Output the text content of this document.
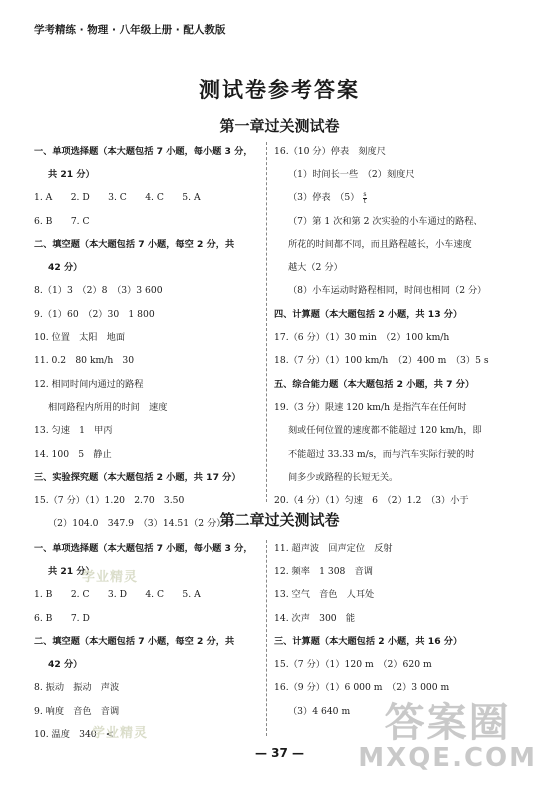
学考精练 · 物理 · 八年级上册 · 配人教版
测试卷参考答案
第一章过关测试卷
一、单项选择题（本大题包括 7 小题，每小题 3 分，
共 21 分）
1. A　　2. D　　3. C　　4. C　　5. A
6. B　　7. C
二、填空题（本大题包括 7 小题，每空 2 分，共
42 分）
8.（1）3　（2）8　（3）3 600
9.（1）60　（2）30　1 800
10. 位置　太阳　地面
11. 0.2　80 km/h　30
12. 相同时间内通过的路程
相同路程内所用的时间　速度
13. 匀速　1　甲丙
14. 100　5　静止
三、实验探究题（本大题包括 2 小题，共 17 分）
15.（7 分）（1）1.20　2.70　3.50
（2）104.0　347.9　（3）14.51（2 分）
16.（10 分）停表　刻度尺
（1）时间长一些　（2）刻度尺
（3）停表　$(5) \frac{s}{t}$
（7）第 1 次和第 2 次实验的小车通过的路程、
所花的时间都不同，而且路程越长，小车速度
越大（2 分）
（8）小车运动时路程相同，时间也相同（2 分）
四、计算题（本大题包括 2 小题，共 13 分）
17.（6 分）（1）30 min　（2）100 km/h
18.（7 分）（1）100 km/h　（2）400 m　（3）5 s
五、综合能力题（本大题包括 2 小题，共 7 分）
19.（3 分）限速 120 km/h 是指汽车在任何时
刻或任何位置的速度都不能超过 120 km/h，即
不能超过 33.33 m/s，而与汽车实际行驶的时
间多少或路程的长短无关。
20.（4 分）（1）匀速　6　（2）1.2　（3）小于
第二章过关测试卷
一、单项选择题（本大题包括 7 小题，每小题 3 分，
共 21 分）
1. B　　2. C　　3. D　　4. C　　5. A
6. B　　7. D
二、填空题（本大题包括 7 小题，每空 2 分，共
42 分）
8. 振动　振动　声波
9. 响度　音色　音调
10. 温度　340　<
11. 超声波　回声定位　反射
12. 频率　1 308　音调
13. 空气　音色　人耳处
14. 次声　300　能
三、计算题（本大题包括 2 小题，共 16 分）
15.（7 分）（1）120 m　（2）620 m
16.（9 分）（1）6 000 m　（2）3 000 m
（3）4 640 m
学业精灵
学业精灵
— 37 —
答案圈
MXQE.COM
